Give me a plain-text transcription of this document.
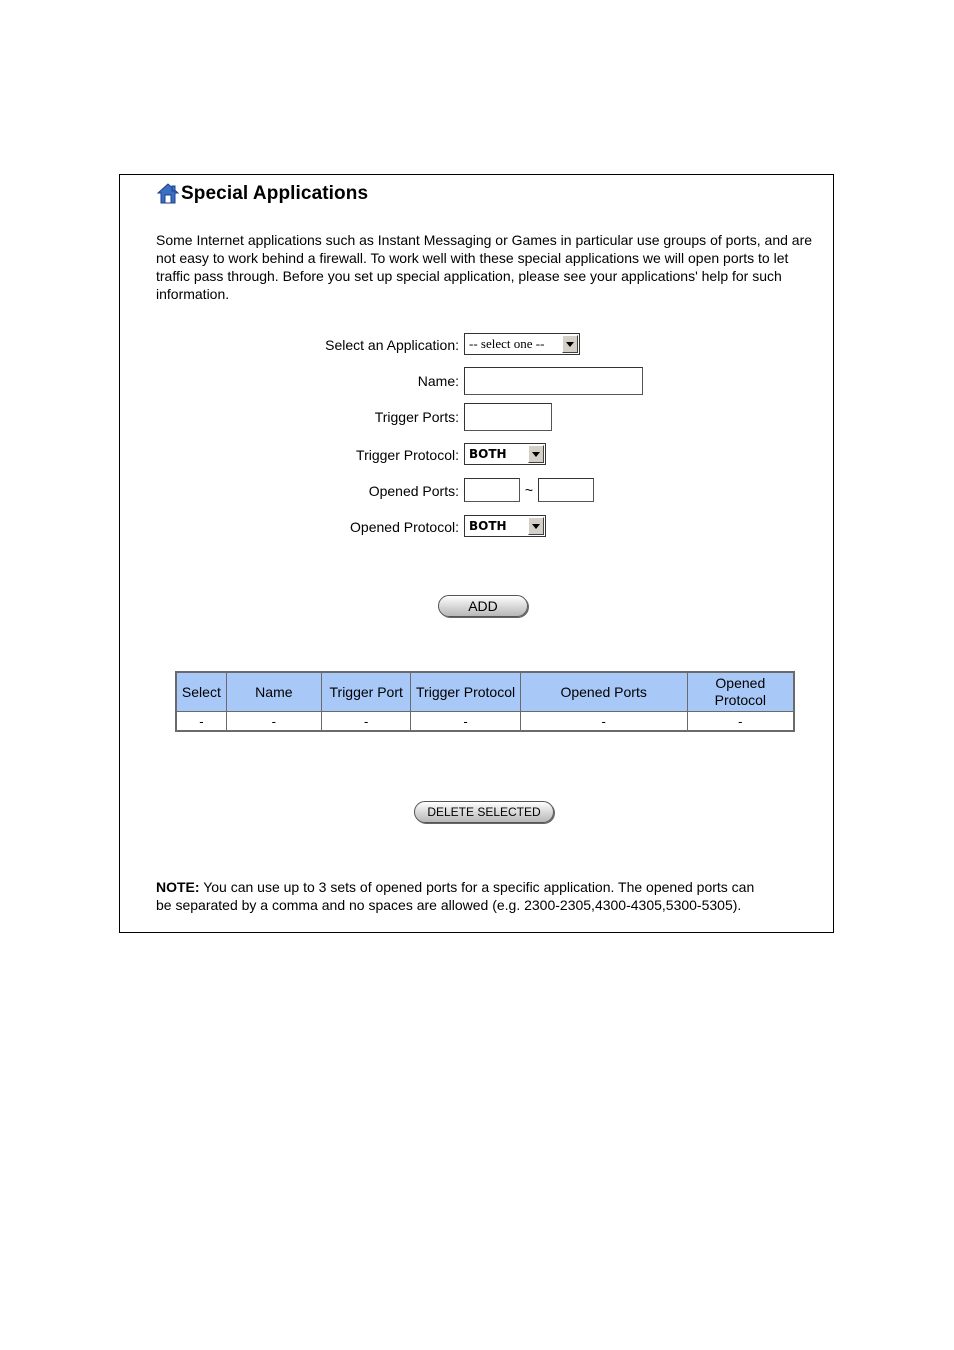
Special Applications
Some Internet applications such as Instant Messaging or Games in particular use groups of ports, and are not easy to work behind a firewall. To work well with these special applications we will open ports to let traffic pass through. Before you set up special application, please see your applications' help for such information.
Select an Application: -- select one --
Name:
Trigger Ports:
Trigger Protocol: BOTH
Opened Ports:	~
Opened Protocol: BOTH
ADD
Select	Name	Trigger Port	Trigger Protocol	Opened Ports	Opened Protocol
-	-	-	-	-	-
DELETE SELECTED
NOTE: You can use up to 3 sets of opened ports for a specific application. The opened ports can be separated by a comma and no spaces are allowed (e.g. 2300-2305,4300-4305,5300-5305).
